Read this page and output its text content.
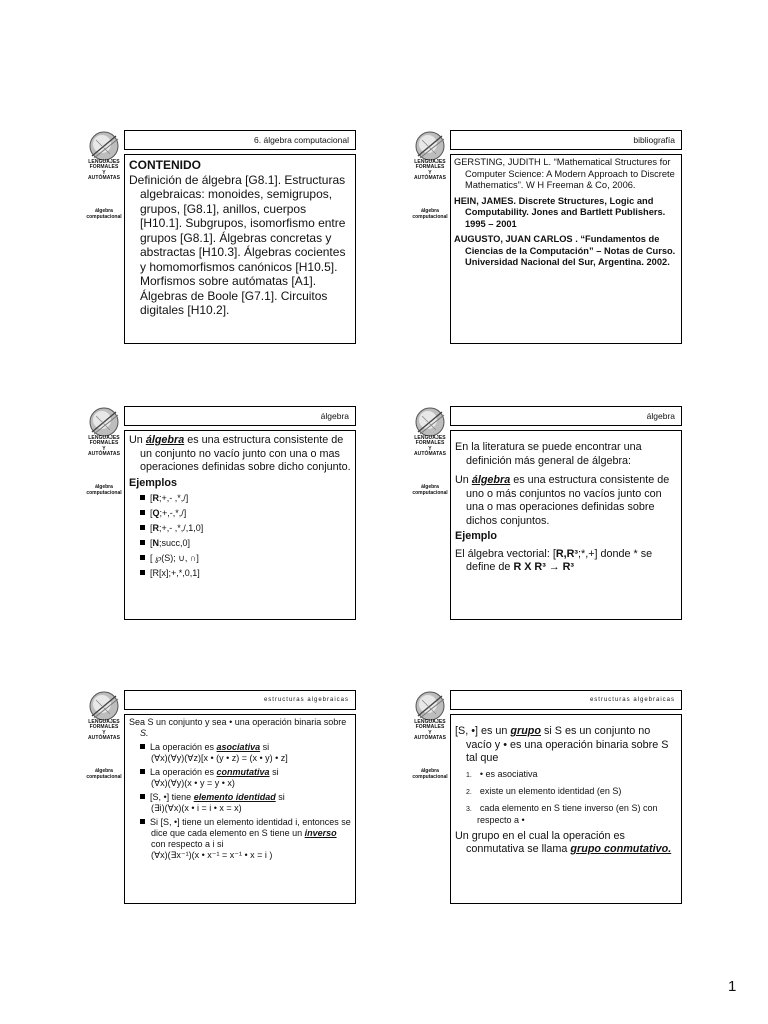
LENGUAJES
FORMALES
Y
AUTÓMATAS
álgebra
computacional
6. álgebra computacional
CONTENIDO

Definición de álgebra [G8.1]. Estructuras algebraicas: monoides, semigrupos, grupos, [G8.1], anillos, cuerpos [H10.1]. Subgrupos, isomorfismo entre grupos [G8.1]. Álgebras concretas y abstractas [H10.3]. Álgebras cocientes y homomorfismos canónicos [H10.5]. Morfismos sobre autómatas [A1]. Álgebras de Boole [G7.1]. Circuitos digitales [H10.2].

LENGUAJES
FORMALES
Y
AUTÓMATAS
álgebra
computacional
bibliografía

GERSTING, JUDITH L. “Mathematical Structures for Computer Science: A Modern Approach to Discrete Mathematics”. W H Freeman & Co, 2006.

HEIN, JAMES. Discrete Structures, Logic and Computability. Jones and Bartlett Publishers. 1995 – 2001

AUGUSTO, JUAN CARLOS . “Fundamentos de Ciencias de la Computación” – Notas de Curso. Universidad Nacional del Sur, Argentina. 2002.

LENGUAJES
FORMALES
Y
AUTÓMATAS
álgebra
computacional
álgebra

Un álgebra es una estructura consistente de un conjunto no vacío junto con una o mas operaciones definidas sobre dicho conjunto.

Ejemplos
[R;+,- ,*,/]
[Q;+,-,*,/]
[R;+,- ,*,/,1,0]
[N;succ,0]
[ ℘(S); ∪, ∩]
[R[x];+,*,0,1]
LENGUAJES
FORMALES
Y
AUTÓMATAS
álgebra
computacional
álgebra

En la literatura se puede encontrar una definición más general de álgebra:

Un álgebra es una estructura consistente de uno o más conjuntos no vacíos junto con una o mas operaciones definidas sobre dichos conjuntos.

Ejemplo

El álgebra vectorial: [R,R³;*,+] donde * se define de R X R³ → R³

LENGUAJES
FORMALES
Y
AUTÓMATAS
álgebra
computacional
estructuras algebraicas

Sea S un conjunto y sea • una operación binaria sobre S.

La operación es asociativa si
(∀x)(∀y)(∀z)[x • (y • z) = (x • y) • z]
La operación es conmutativa si
(∀x)(∀y)(x • y = y • x)
[S, •] tiene elemento identidad si
(∃i)(∀x)(x • i = i • x = x)
Si [S, •] tiene un elemento identidad i, entonces se dice que cada elemento en S tiene un inverso con respecto a i si
(∀x)(∃x⁻¹)(x • x⁻¹ = x⁻¹ • x = i )
LENGUAJES
FORMALES
Y
AUTÓMATAS
álgebra
computacional
estructuras algebraicas

[S, •] es un grupo si S es un conjunto no vacío y • es una operación binaria sobre S tal que

1. • es asociativa
2. existe un elemento identidad (en S)
3. cada elemento en S tiene inverso (en S) con respecto a •

Un grupo en el cual la operación es conmutativa se llama grupo conmutativo.

1
